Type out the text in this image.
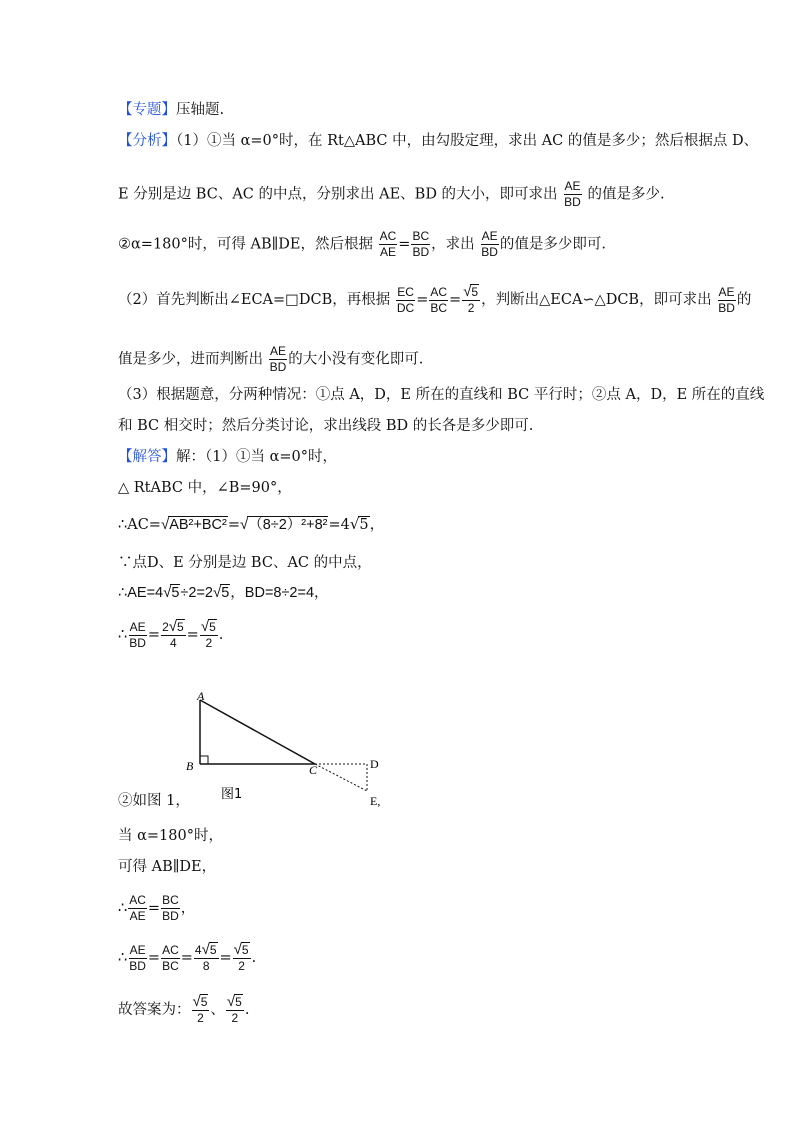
【专题】压轴题.
【分析】（1）①当 α=0°时，在 Rt△ABC 中，由勾股定理，求出 AC 的值是多少；然后根据点 D、
E 分别是边 BC、AC 的中点，分别求出 AE、BD 的大小，即可求出 $\frac{AE}{BD}$ 的值是多少.
②α=180°时，可得 AB∥DE，然后根据 $\frac{AC}{AE} = \frac{BC}{BD}$ ，求出 $\frac{AE}{BD}$ 的值是多少即可.
（2）首先判断出∠ECA=□DCB，再根据 $\frac{EC}{DC} = \frac{AC}{BC} = \frac{√5}{2}$ ，判断出△ECA∽△DCB，即可求出 $\frac{AE}{BD}$ 的
值是多少，进而判断出 $\frac{AE}{BD}$ 的大小没有变化即可.
（3）根据题意，分两种情况：①点 A，D，E 所在的直线和 BC 平行时；②点 A，D，E 所在的直线
和 BC 相交时；然后分类讨论，求出线段 BD 的长各是多少即可.
【解答】解：（1）①当 α=0°时，
△ RtABC 中，∠B=90°，
∴AC=√AB²+BC²=√（8÷2）²+8²=4√5，
∵点D、E 分别是边 BC、AC 的中点，
∴AE=4√5÷2=2√5，BD=8÷2=4，
∴ $\frac{AE}{BD} = \frac{2√5}{4} = \frac{√5}{2}$ .
A
B	C	D
E,
图1
②如图 1，
当 α=180°时，
可得 AB∥DE，
∴ $\frac{AC}{AE} = \frac{BC}{BD}$ ，
∴ $\frac{AE}{BD} = \frac{AC}{BC} = \frac{4√5}{8} = \frac{√5}{2}$ .
故答案为： $\frac{√5}{2}$ 、 $\frac{√5}{2}$ .
